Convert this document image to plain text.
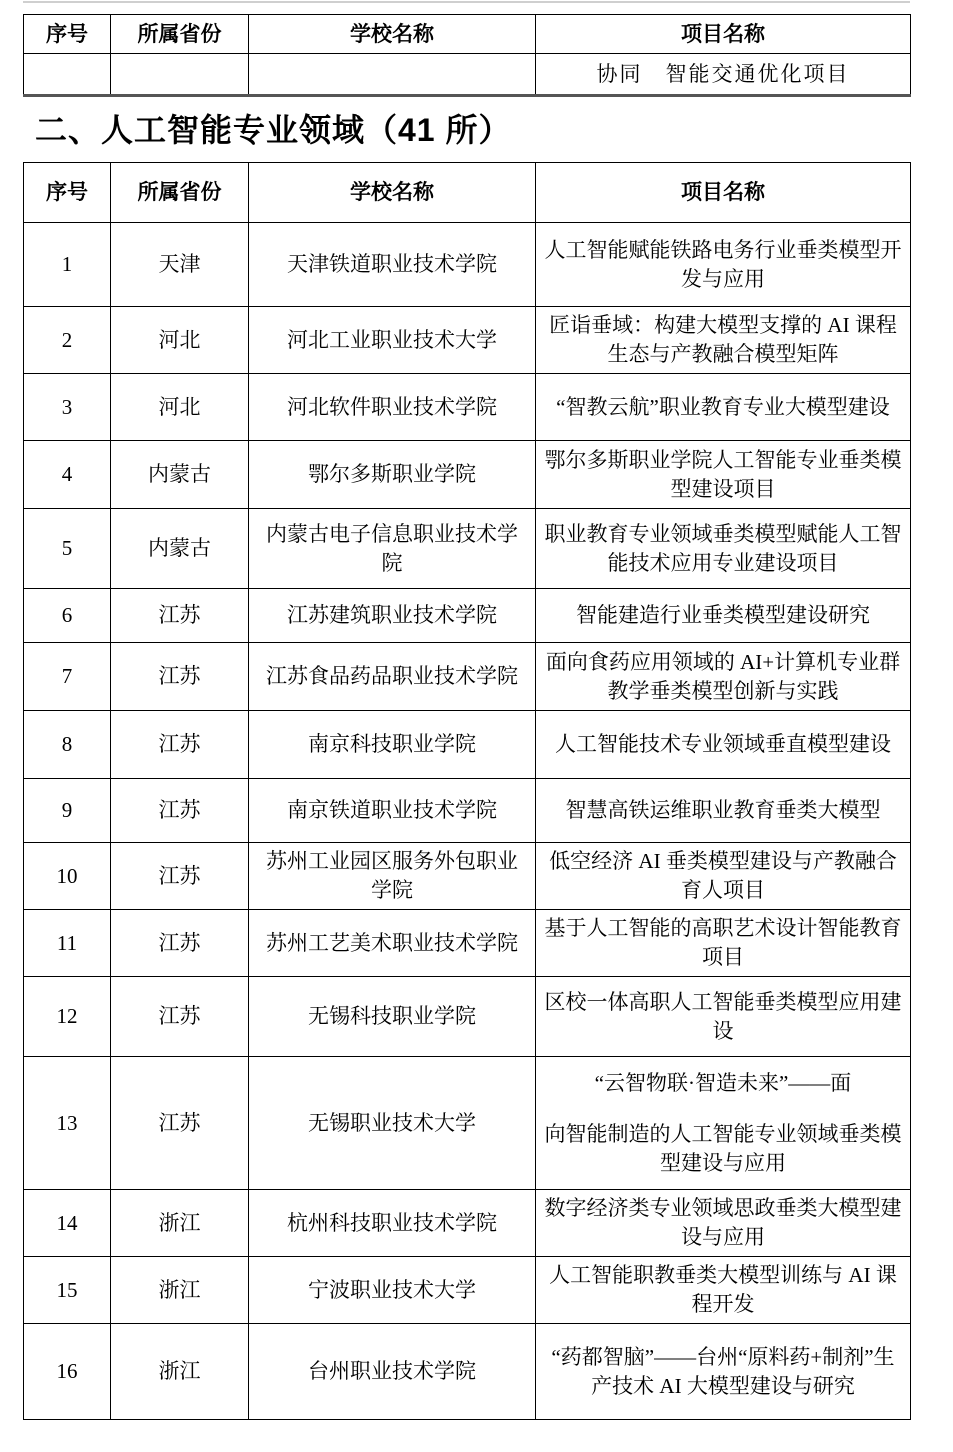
序号	所属省份	学校名称	项目名称
			协同　智能交通优化项目
二、人工智能专业领域（41 所）
序号	所属省份	学校名称	项目名称
1	天津	天津铁道职业技术学院	人工智能赋能铁路电务行业垂类模型开发与应用

2	河北	河北工业职业技术大学	匠诣垂域：构建大模型支撑的 AI 课程生态与产教融合模型矩阵

3	河北	河北软件职业技术学院	“智教云航”职业教育专业大模型建设

4	内蒙古	鄂尔多斯职业学院	鄂尔多斯职业学院人工智能专业垂类模型建设项目

5	内蒙古	内蒙古电子信息职业技术学院	职业教育专业领域垂类模型赋能人工智能技术应用专业建设项目

6	江苏	江苏建筑职业技术学院	智能建造行业垂类模型建设研究

7	江苏	江苏食品药品职业技术学院	面向食药应用领域的 AI+计算机专业群教学垂类模型创新与实践

8	江苏	南京科技职业学院	人工智能技术专业领域垂直模型建设

9	江苏	南京铁道职业技术学院	智慧高铁运维职业教育垂类大模型

10	江苏	苏州工业园区服务外包职业学院	低空经济 AI 垂类模型建设与产教融合育人项目

11	江苏	苏州工艺美术职业技术学院	基于人工智能的高职艺术设计智能教育项目

12	江苏	无锡科技职业学院	区校一体高职人工智能垂类模型应用建设

13	江苏	无锡职业技术大学	“云智物联·智造未来”——面
向智能制造的人工智能专业领域垂类模型建设与应用

14	浙江	杭州科技职业技术学院	数字经济类专业领域思政垂类大模型建设与应用

15	浙江	宁波职业技术大学	人工智能职教垂类大模型训练与 AI 课程开发

16	浙江	台州职业技术学院	“药都智脑”——台州“原料药+制剂”生产技术 AI 大模型建设与研究
